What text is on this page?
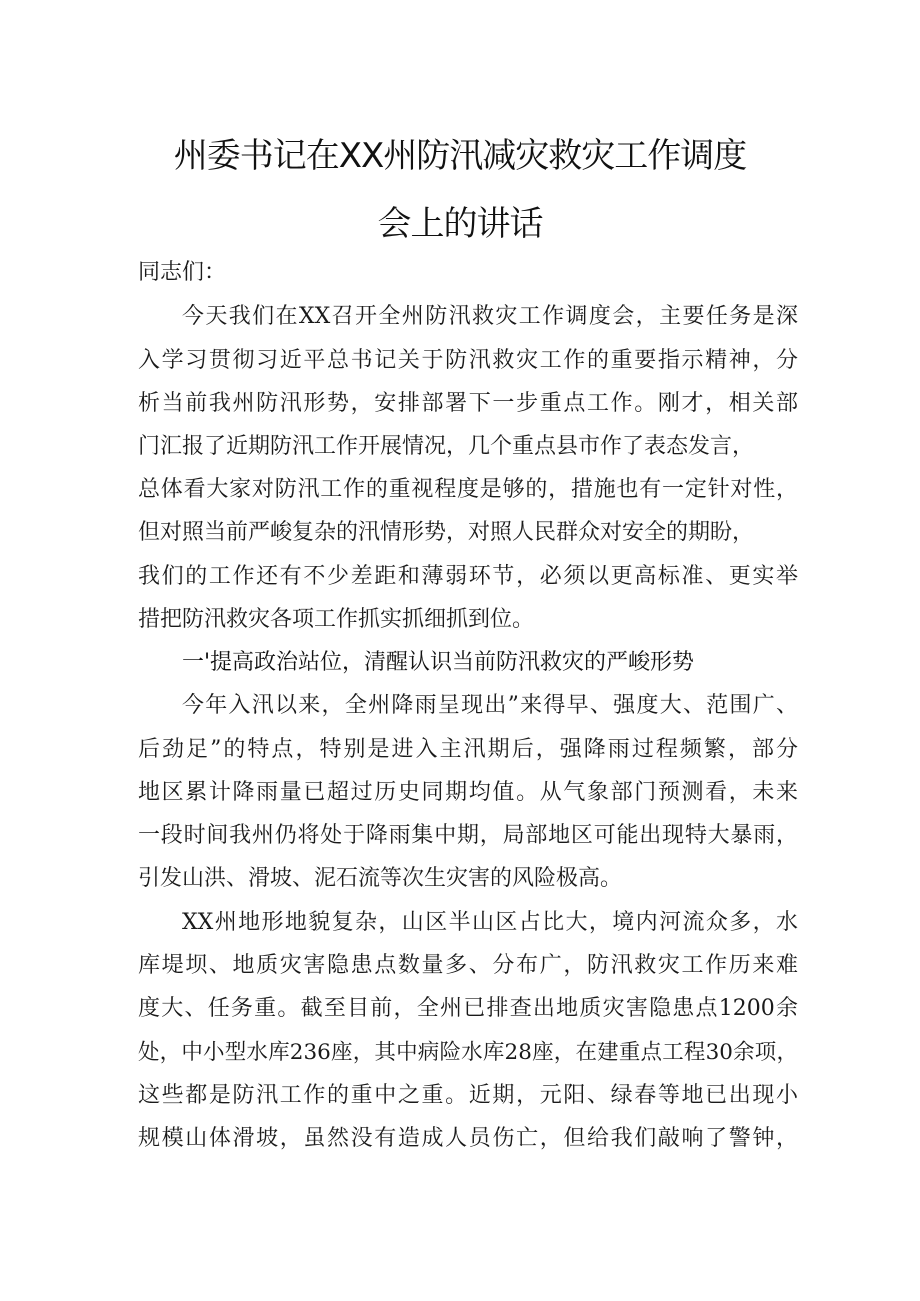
州委书记在XX州防汛减灾救灾工作调度
会上的讲话
同志们：
今天我们在XX召开全州防汛救灾工作调度会，主要任务是深
入学习贯彻习近平总书记关于防汛救灾工作的重要指示精神，分
析当前我州防汛形势，安排部署下一步重点工作。刚才，相关部
门汇报了近期防汛工作开展情况，几个重点县市作了表态发言，
总体看大家对防汛工作的重视程度是够的，措施也有一定针对性，
但对照当前严峻复杂的汛情形势，对照人民群众对安全的期盼，
我们的工作还有不少差距和薄弱环节，必须以更高标准、更实举
措把防汛救灾各项工作抓实抓细抓到位。
一'提高政治站位，清醒认识当前防汛救灾的严峻形势
今年入汛以来，全州降雨呈现出”来得早、强度大、范围广、
后劲足”的特点，特别是进入主汛期后，强降雨过程频繁，部分
地区累计降雨量已超过历史同期均值。从气象部门预测看，未来
一段时间我州仍将处于降雨集中期，局部地区可能出现特大暴雨，
引发山洪、滑坡、泥石流等次生灾害的风险极高。
XX州地形地貌复杂，山区半山区占比大，境内河流众多，水
库堤坝、地质灾害隐患点数量多、分布广，防汛救灾工作历来难
度大、任务重。截至目前，全州已排查出地质灾害隐患点1200余
处，中小型水库236座，其中病险水库28座，在建重点工程30余项，
这些都是防汛工作的重中之重。近期，元阳、绿春等地已出现小
规模山体滑坡，虽然没有造成人员伤亡，但给我们敲响了警钟，
